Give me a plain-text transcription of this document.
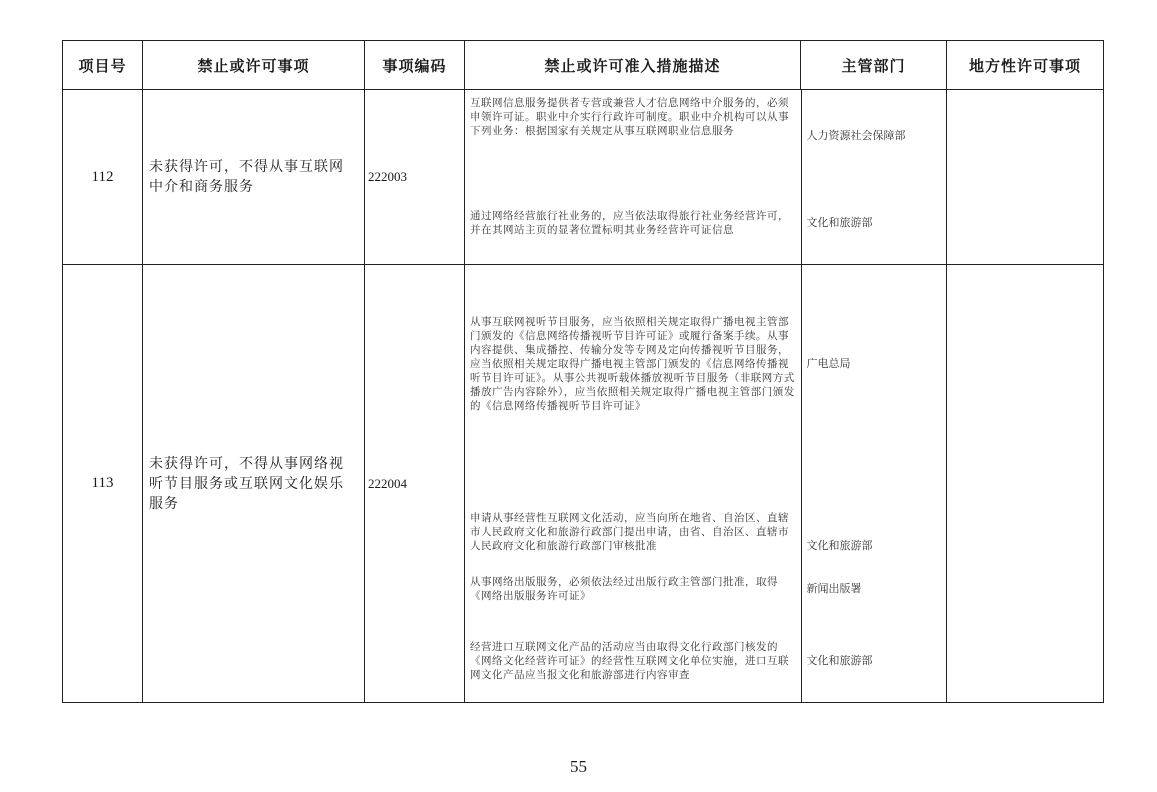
项目号	禁止或许可事项	事项编码	禁止或许可准入措施描述	主管部门	地方性许可事项
112	未获得许可，不得从事互联网中介和商务服务	222003	
互联网信息服务提供者专营或兼营人才信息网络中介服务的，必须申领许可证。职业中介实行行政许可制度。职业中介机构可以从事下列业务：根据国家有关规定从事互联网职业信息服务	人力资源社会保障部
通过网络经营旅行社业务的，应当依法取得旅行社业务经营许可，并在其网站主页的显著位置标明其业务经营许可证信息	文化和旅游部

113	未获得许可，不得从事网络视听节目服务或互联网文化娱乐服务	222004	
从事互联网视听节目服务，应当依照相关规定取得广播电视主管部门颁发的《信息网络传播视听节目许可证》或履行备案手续。从事内容提供、集成播控、传输分发等专网及定向传播视听节目服务，应当依照相关规定取得广播电视主管部门颁发的《信息网络传播视听节目许可证》。从事公共视听载体播放视听节目服务（非联网方式播放广告内容除外），应当依照相关规定取得广播电视主管部门颁发的《信息网络传播视听节目许可证》	广电总局
申请从事经营性互联网文化活动，应当向所在地省、自治区、直辖市人民政府文化和旅游行政部门提出申请，由省、自治区、直辖市人民政府文化和旅游行政部门审核批准	文化和旅游部
从事网络出版服务，必须依法经过出版行政主管部门批准，取得《网络出版服务许可证》	新闻出版署
经营进口互联网文化产品的活动应当由取得文化行政部门核发的《网络文化经营许可证》的经营性互联网文化单位实施，进口互联网文化产品应当报文化和旅游部进行内容审查	文化和旅游部

55
